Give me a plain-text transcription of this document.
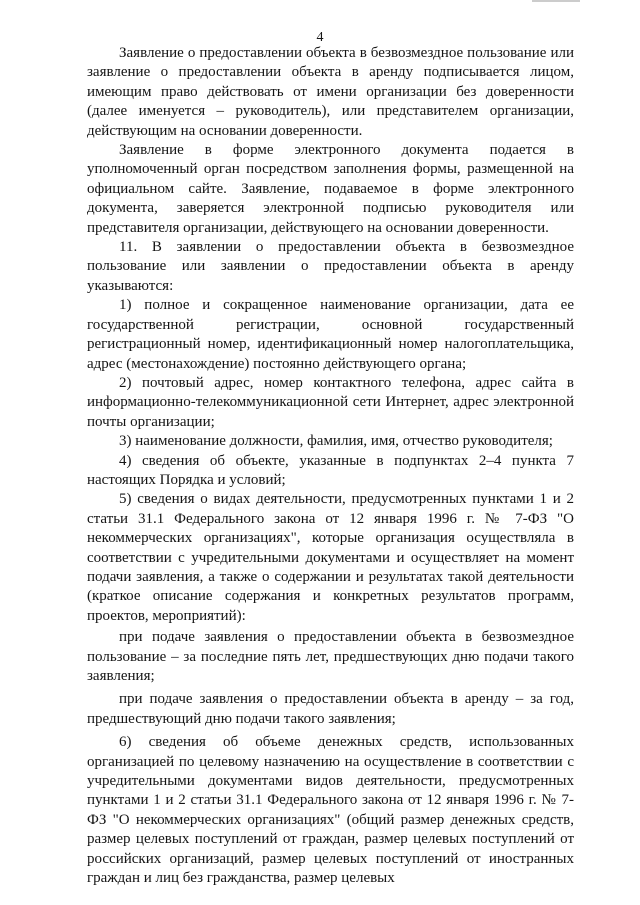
4

Заявление о предоставлении объекта в безвозмездное пользование или заявление о предоставлении объекта в аренду подписывается лицом, имеющим право действовать от имени организации без доверенности (далее именуется – руководитель), или представителем организации, действующим на основании доверенности.

Заявление в форме электронного документа подается в уполномоченный орган посредством заполнения формы, размещенной на официальном сайте. Заявление, подаваемое в форме электронного документа, заверяется электронной подписью руководителя или представителя организации, действующего на основании доверенности.

11. В заявлении о предоставлении объекта в безвозмездное пользование или заявлении о предоставлении объекта в аренду указываются:

1) полное и сокращенное наименование организации, дата ее государственной регистрации, основной государственный регистрационный номер, идентификационный номер налогоплательщика, адрес (местонахождение) постоянно действующего органа;

2) почтовый адрес, номер контактного телефона, адрес сайта в информационно-телекоммуникационной сети Интернет, адрес электронной почты организации;

3) наименование должности, фамилия, имя, отчество руководителя;

4) сведения об объекте, указанные в подпунктах 2–4 пункта 7 настоящих Порядка и условий;

5) сведения о видах деятельности, предусмотренных пунктами 1 и 2 статьи 31.1 Федерального закона от 12 января 1996 г. № 7-ФЗ "О некоммерческих организациях", которые организация осуществляла в соответствии с учредительными документами и осуществляет на момент подачи заявления, а также о содержании и результатах такой деятельности (краткое описание содержания и конкретных результатов программ, проектов, мероприятий):

при подаче заявления о предоставлении объекта в безвозмездное пользование – за последние пять лет, предшествующих дню подачи такого заявления;

при подаче заявления о предоставлении объекта в аренду – за год, предшествующий дню подачи такого заявления;

6) сведения об объеме денежных средств, использованных организацией по целевому назначению на осуществление в соответствии с учредительными документами видов деятельности, предусмотренных пунктами 1 и 2 статьи 31.1 Федерального закона от 12 января 1996 г. № 7-ФЗ "О некоммерческих организациях" (общий размер денежных средств, размер целевых поступлений от граждан, размер целевых поступлений от российских организаций, размер целевых поступлений от иностранных граждан и лиц без гражданства, размер целевых
